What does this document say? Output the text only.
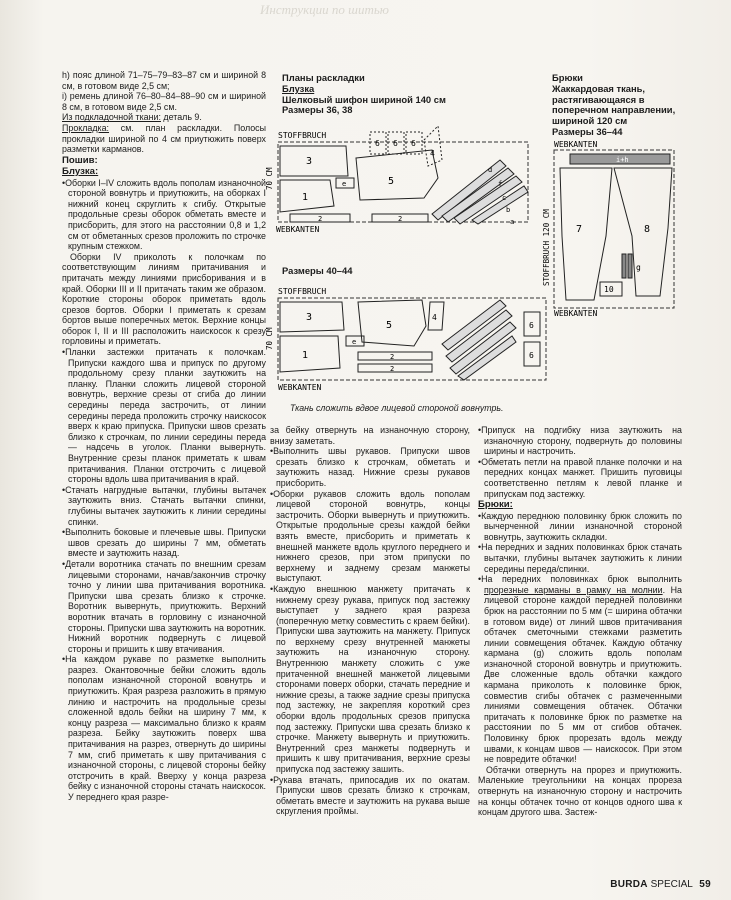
Инструкции по шитью

h) пояс длиной 71–75–79–83–87 см и шириной 8 см, в готовом виде 2,5 см;

i) ремень длиной 76–80–84–88–90 см и шириной 8 см, в готовом виде 2,5 см.

Из подкладочной ткани: деталь 9.

Прокладка: см. план раскладки. Полосы прокладки шириной по 4 см приутюжить поверх разметки карманов.

Пошив:

Блузка:

•Оборки I–IV сложить вдоль пополам изнаночной стороной вовнутрь и приутюжить, на оборках I нижний конец скруглить к сгибу. Открытые продольные срезы оборок обметать вместе и присборить, для этого на расстоянии 0,8 и 1,2 см от обметанных срезов проложить по строчке крупным стежком.

Оборки IV приколоть к полочкам по соответствующим линиям притачивания и притачать между линиями присборивания и в край. Оборки III и II притачать таким же образом. Короткие стороны оборок приметать вдоль срезов бортов. Оборки I приметать к срезам бортов выше поперечных меток. Верхние концы оборок I, II и III расположить наискосок к срезу горловины и приметать.

•Планки застежки притачать к полочкам. Припуски каждого шва и припуск по другому продольному срезу планки заутюжить на планку. Планки сложить лицевой стороной вовнутрь, верхние срезы от сгиба до линии середины переда застрочить, от линии середины переда проложить строчку наискосок вверх к краю припуска. Припуски швов срезать близко к строчкам, по линии середины переда — надсечь в уголок. Планки вывернуть. Внутренние срезы планок приметать к швам притачивания. Планки отстрочить с лицевой стороны вдоль шва притачивания в край.

•Стачать нагрудные вытачки, глубины вытачек заутюжить вниз. Стачать вытачки спинки, глубины вытачек заутюжить к линии середины спинки.

•Выполнить боковые и плечевые швы. Припуски швов срезать до ширины 7 мм, обметать вместе и заутюжить назад.

•Детали воротника стачать по внешним срезам лицевыми сторонами, начав/закончив строчку точно у линии шва притачивания воротника. Припуски шва срезать близко к строчке. Воротник вывернуть, приутюжить. Верхний воротник втачать в горловину с изнаночной стороны. Припуски шва заутюжить на воротник. Нижний воротник подвернуть с лицевой стороны и пришить к шву втачивания.

•На каждом рукаве по разметке выполнить разрез. Окантовочные бейки сложить вдоль пополам изнаночной стороной вовнутрь и приутюжить. Края разреза разложить в прямую линию и настрочить на продольные срезы сложенной вдоль бейки на ширину 7 мм, к концу разреза — максимально близко к краям разреза. Бейку заутюжить поверх шва притачивания на разрез, отвернуть до ширины 7 мм, сгиб приметать к шву притачивания с изнаночной стороны, с лицевой стороны бейку отстрочить в край. Вверху у конца разреза бейку с изнаночной стороны стачать наискосок. У переднего края разре-

Планы раскладки

Блузка

Шелковый шифон шириной 140 см

Размеры 36, 38

STOFFBRUCH
WEBKANTEN
70 CM
3
1
5
e
2	2
6 6 6
4
d
f
c
b
a
Размеры 40–44
STOFFBRUCH
WEBKANTEN
70 CM
3
1
5
e
2
2
4
6
6
Ткань сложить вдвое лицевой стороной вовнутрь.

Брюки

Жаккардовая ткань, растягивающаяся в поперечном направлении, шириной 120 см

Размеры 36–44

WEBKANTEN
WEBKANTEN
STOFFBRUCH 120 CM
i+h
7	8
g
10

за бейку отвернуть на изнаночную сторону, внизу заметать.

•Выполнить швы рукавов. Припуски швов срезать близко к строчкам, обметать и заутюжить назад. Нижние срезы рукавов присборить.

•Оборки рукавов сложить вдоль пополам лицевой стороной вовнутрь, концы застрочить. Оборки вывернуть и приутюжить. Открытые продольные срезы каждой бейки взять вместе, присборить и приметать к внешней манжете вдоль круглого переднего и нижнего срезов, при этом припуски по верхнему и заднему срезам манжеты выступают.

•Каждую внешнюю манжету притачать к нижнему срезу рукава, припуск под застежку выступает у заднего края разреза (поперечную метку совместить с краем бейки). Припуски шва заутюжить на манжету. Припуск по верхнему срезу внутренней манжеты заутюжить на изнаночную сторону. Внутреннюю манжету сложить с уже притаченной внешней манжетой лицевыми сторонами поверх оборки, стачать передние и нижние срезы, а также задние срезы припуска под застежку, не закрепляя короткий срез оборки вдоль продольных срезов припуска под застежку. Припуски шва срезать близко к строчке. Манжету вывернуть и приутюжить. Внутренний срез манжеты подвернуть и пришить к шву притачивания, верхние срезы припуска под застежку зашить.

•Рукава втачать, припосадив их по окатам. Припуски швов срезать близко к строчкам, обметать вместе и заутюжить на рукава выше скругления проймы.

•Припуск на подгибку низа заутюжить на изнаночную сторону, подвернуть до половины ширины и настрочить.

•Обметать петли на правой планке полочки и на передних концах манжет. Пришить пуговицы соответственно петлям к левой планке и припускам под застежку.

Брюки:

•Каждую переднюю половинку брюк сложить по вычерченной линии изнаночной стороной вовнутрь, заутюжить складки.

•На передних и задних половинках брюк стачать вытачки, глубины вытачек заутюжить к линии середины переда/спинки.

•На передних половинках брюк выполнить прорезные карманы в рамку на молнии. На лицевой стороне каждой передней половинки брюк на расстоянии по 5 мм (= ширина обтачки в готовом виде) от линий швов притачивания обтачек сметочными стежками разметить линии совмещения обтачек. Каждую обтачку кармана (g) сложить вдоль пополам изнаночной стороной вовнутрь и приутюжить. Две сложенные вдоль обтачки каждого кармана приколоть к половинке брюк, совместив сгибы обтачек с размеченными линиями совмещения обтачек. Обтачки притачать к половинке брюк по разметке на расстоянии по 5 мм от сгибов обтачек. Половинку брюк прорезать вдоль между швами, к концам швов — наискосок. При этом не повредите обтачки!

Обтачки отвернуть на прорез и приутюжить. Маленькие треугольники на концах прореза отвернуть на изнаночную сторону и настрочить на концы обтачек точно от концов одного шва к концам другого шва. Застеж-

BURDA SPECIAL 59
